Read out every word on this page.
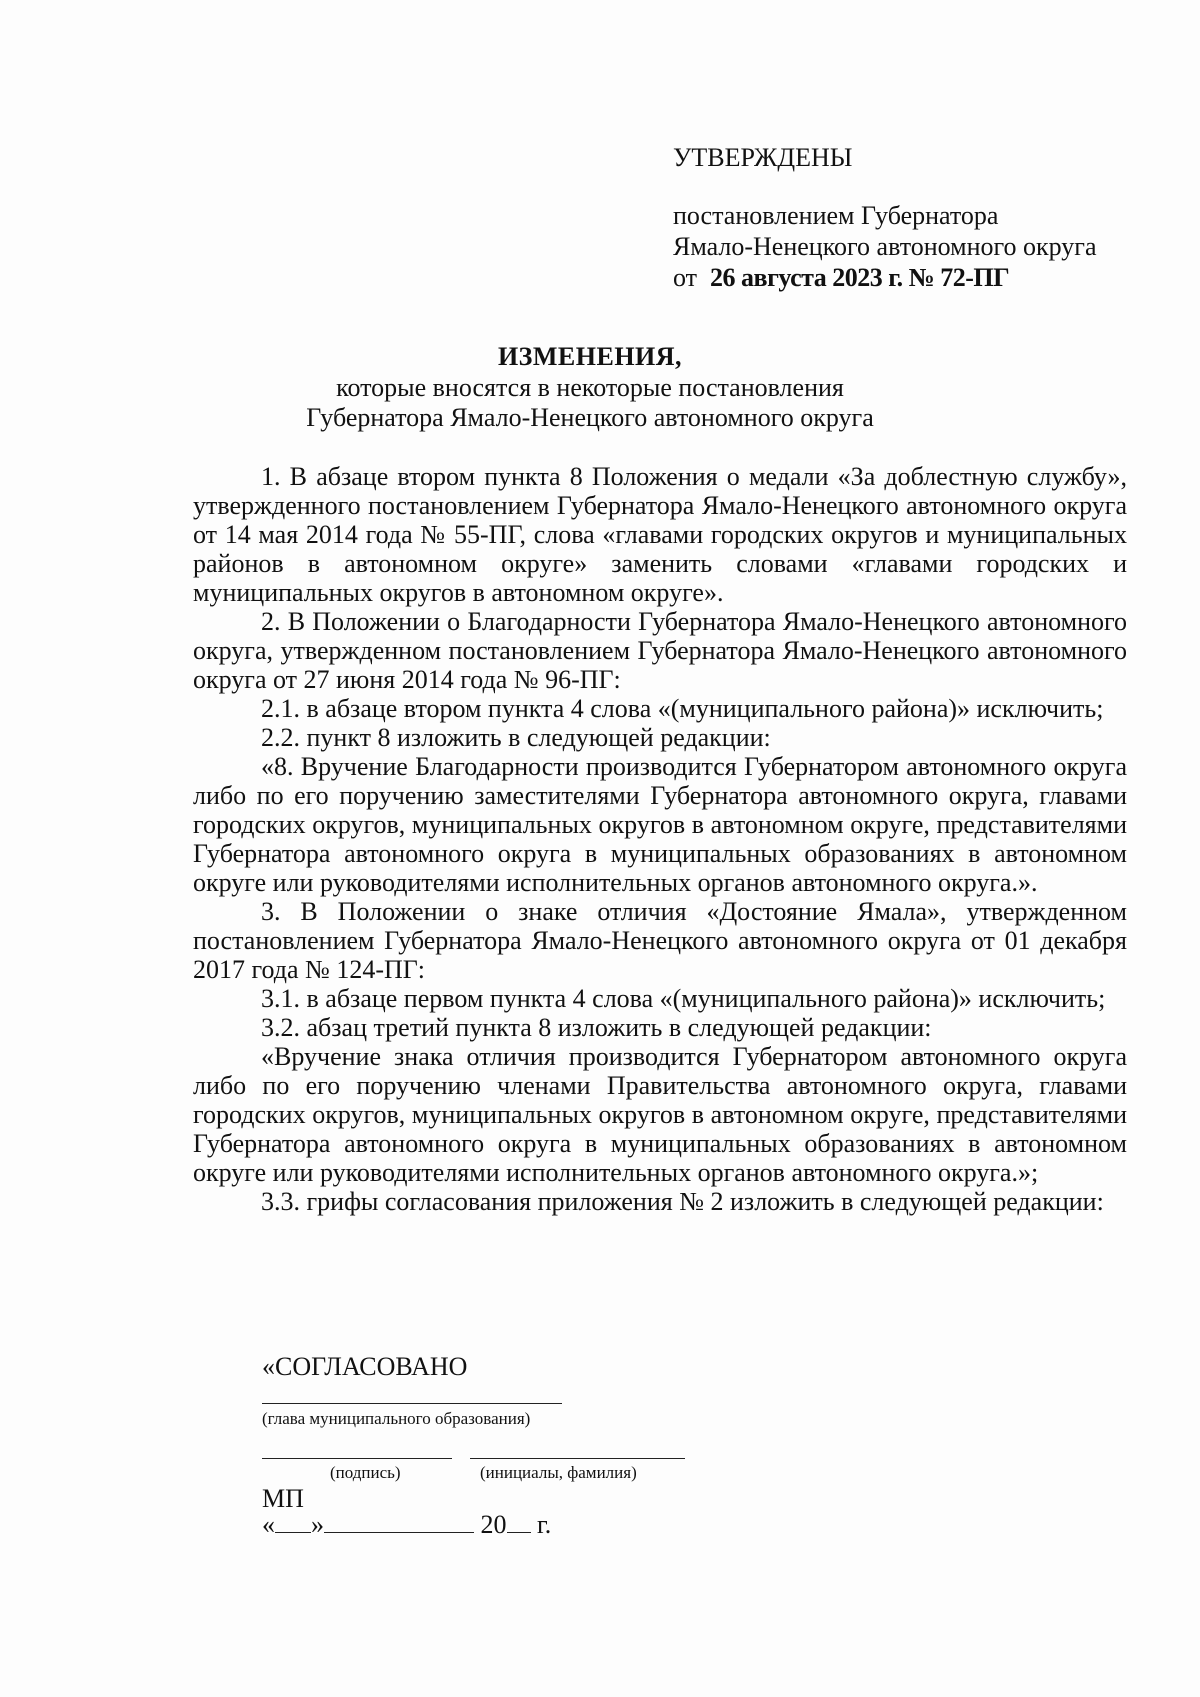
УТВЕРЖДЕНЫ
постановлением Губернатора
Ямало-Ненецкого автономного округа
от 26 августа 2023 г. № 72-ПГ
ИЗМЕНЕНИЯ,
которые вносятся в некоторые постановления
Губернатора Ямало-Ненецкого автономного округа

1. В абзаце втором пункта 8 Положения о медали «За доблестную службу», утвержденного постановлением Губернатора Ямало-Ненецкого автономного округа от 14 мая 2014 года № 55-ПГ, слова «главами городских округов и муниципальных районов в автономном округе» заменить словами «главами городских и муниципальных округов в автономном округе».

2. В Положении о Благодарности Губернатора Ямало-Ненецкого автономного округа, утвержденном постановлением Губернатора Ямало-Ненецкого автономного округа от 27 июня 2014 года № 96-ПГ:

2.1. в абзаце втором пункта 4 слова «(муниципального района)» исключить;

2.2. пункт 8 изложить в следующей редакции:

«8. Вручение Благодарности производится Губернатором автономного округа либо по его поручению заместителями Губернатора автономного округа, главами городских округов, муниципальных округов в автономном округе, представителями Губернатора автономного округа в муниципальных образованиях в автономном округе или руководителями исполнительных органов автономного округа.».

3. В Положении о знаке отличия «Достояние Ямала», утвержденном постановлением Губернатора Ямало-Ненецкого автономного округа от 01 декабря 2017 года № 124-ПГ:

3.1. в абзаце первом пункта 4 слова «(муниципального района)» исключить;

3.2. абзац третий пункта 8 изложить в следующей редакции:

«Вручение знака отличия производится Губернатором автономного округа либо по его поручению членами Правительства автономного округа, главами городских округов, муниципальных округов в автономном округе, представителями Губернатора автономного округа в муниципальных образованиях в автономном округе или руководителями исполнительных органов автономного округа.»;

3.3. грифы согласования приложения № 2 изложить в следующей редакции:

«СОГЛАСОВАНО
(глава муниципального образования)
(подпись)	(инициалы, фамилия)
МП
« »	20 г.
